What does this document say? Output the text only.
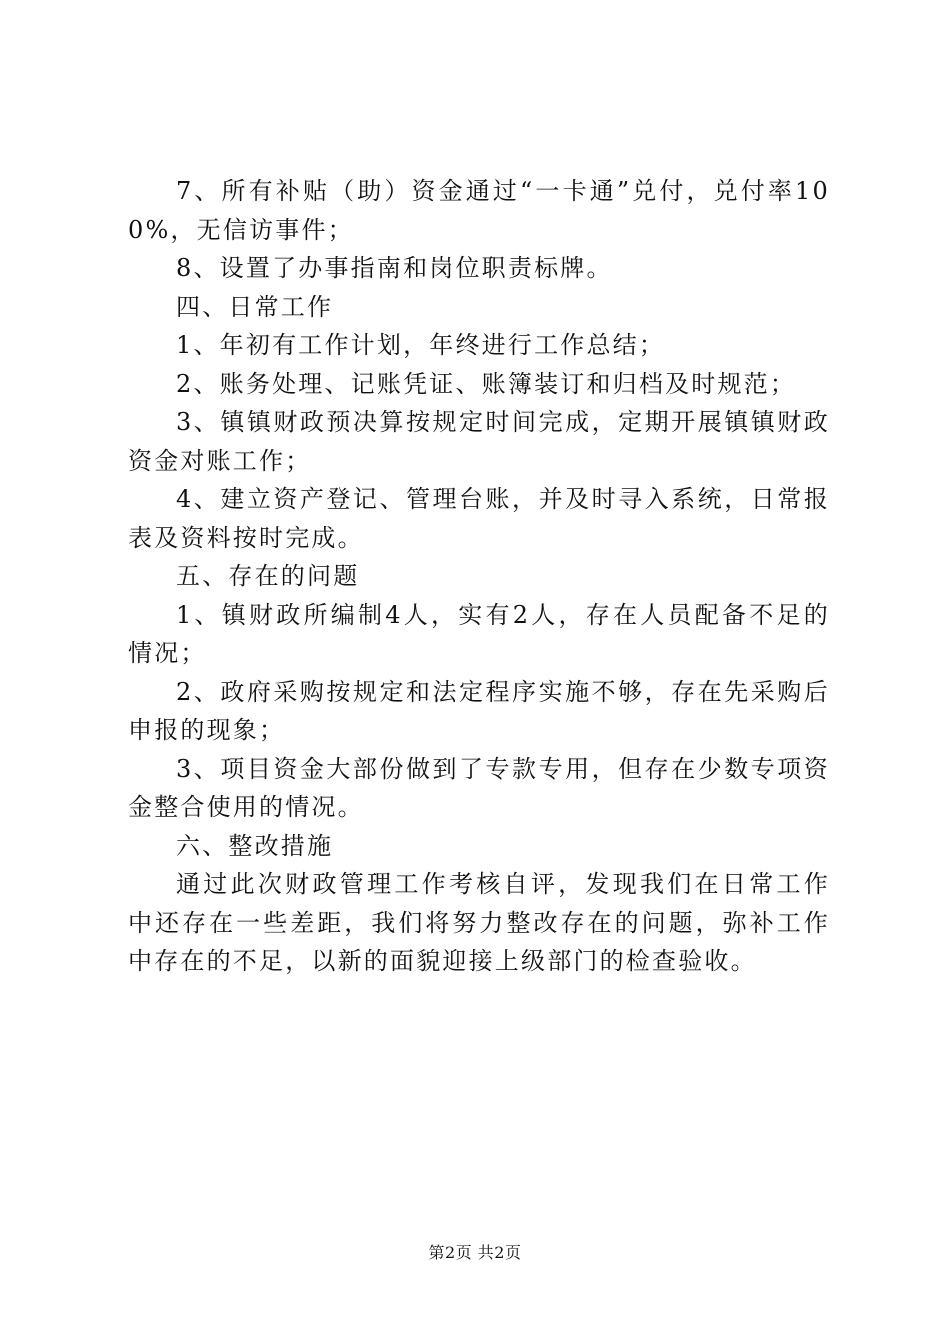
7、所有补贴（助）资金通过“一卡通”兑付，兑付率100%，无信访事件；

8、设置了办事指南和岗位职责标牌。

四、日常工作

1、年初有工作计划，年终进行工作总结；

2、账务处理、记账凭证、账簿装订和归档及时规范；

3、镇镇财政预决算按规定时间完成，定期开展镇镇财政资金对账工作；

4、建立资产登记、管理台账，并及时寻入系统，日常报表及资料按时完成。

五、存在的问题

1、镇财政所编制4人，实有2人，存在人员配备不足的情况；

2、政府采购按规定和法定程序实施不够，存在先采购后申报的现象；

3、项目资金大部份做到了专款专用，但存在少数专项资金整合使用的情况。

六、整改措施

通过此次财政管理工作考核自评，发现我们在日常工作中还存在一些差距，我们将努力整改存在的问题，弥补工作中存在的不足，以新的面貌迎接上级部门的检查验收。

第2页 共2页
